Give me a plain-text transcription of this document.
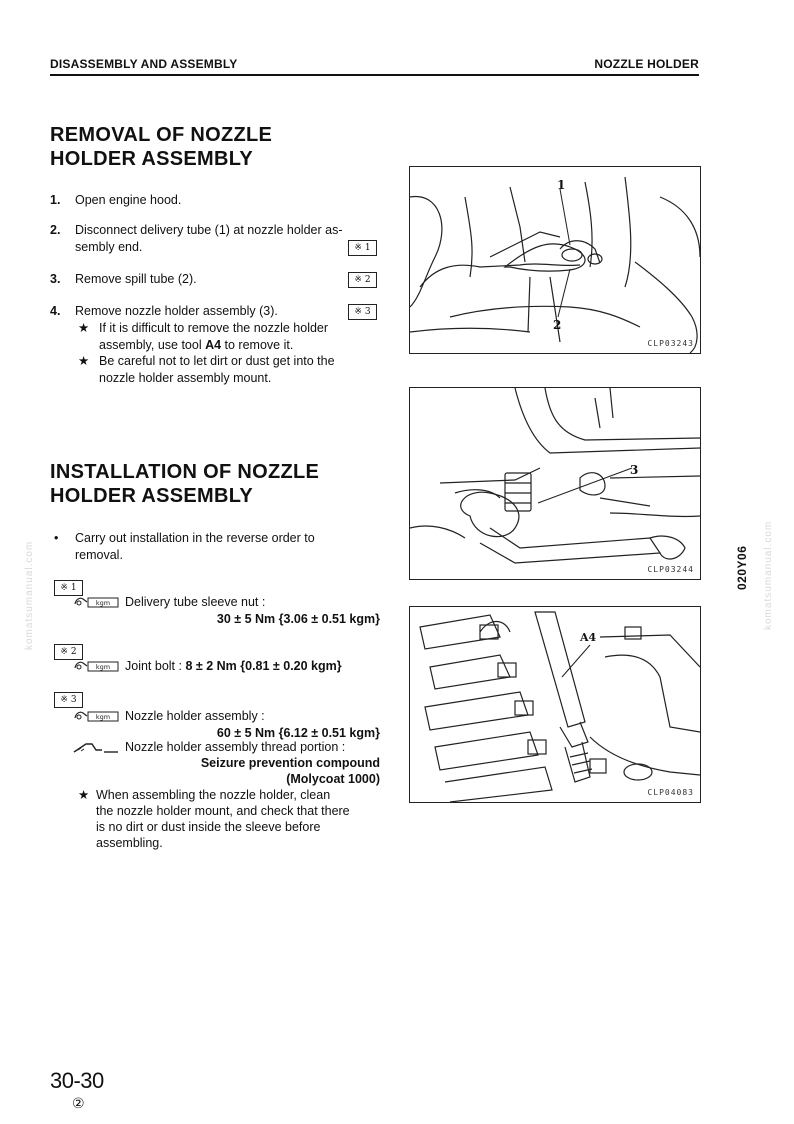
DISASSEMBLY AND ASSEMBLY	NOZZLE HOLDER
REMOVAL OF NOZZLE
HOLDER ASSEMBLY
1. Open engine hood.
2. Disconnect delivery tube (1) at nozzle holder as-
sembly end.	※ 1
3. Remove spill tube (2).	※ 2
4. Remove nozzle holder assembly (3).	※ 3
★ If it is difficult to remove the nozzle holder
assembly, use tool A4 to remove it.
★ Be careful not to let dirt or dust get into the
nozzle holder assembly mount.
INSTALLATION OF NOZZLE
HOLDER ASSEMBLY
• Carry out installation in the reverse order to
removal.
※ 1
kgm Delivery tube sleeve nut :
30 ± 5 Nm {3.06 ± 0.51 kgm}
※ 2
kgm Joint bolt : 8 ± 2 Nm {0.81 ± 0.20 kgm}
※ 3
kgm Nozzle holder assembly :
60 ± 5 Nm {6.12 ± 0.51 kgm}
Nozzle holder assembly thread portion :
Seizure prevention compound
(Molycoat 1000)
★ When assembling the nozzle holder, clean
the nozzle holder mount, and check that there
is no dirt or dust inside the sleeve before
assembling.
1
2
CLP03243
3
CLP03244
A4
CLP04083
020Y06
komatsumanual.com	komatsumanual.com
30-30
②
